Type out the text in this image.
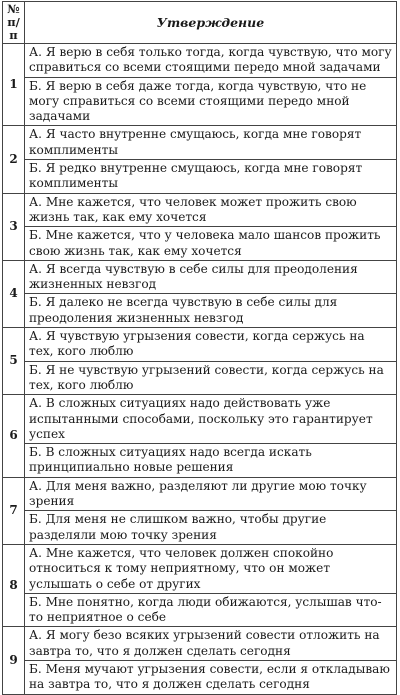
№
п/п	Утверждение
1	А. Я верю в себя только тогда, когда чувствую, что могу справиться со всеми стоящими передо мной задачами
	Б. Я верю в себя даже тогда, когда чувствую, что не могу справиться со всеми стоящими передо мной задачами
2	А. Я часто внутренне смущаюсь, когда мне говорят комплименты
	Б. Я редко внутренне смущаюсь, когда мне говорят комплименты
3	А. Мне кажется, что человек может прожить свою жизнь так, как ему хочется
	Б. Мне кажется, что у человека мало шансов прожить свою жизнь так, как ему хочется
4	А. Я всегда чувствую в себе силы для преодоления жизненных невзгод
	Б. Я далеко не всегда чувствую в себе силы для преодоления жизненных невзгод
5	А. Я чувствую угрызения совести, когда сержусь на тех, кого люблю
	Б. Я не чувствую угрызений совести, когда сержусь на тех, кого люблю
6	А. В сложных ситуациях надо действовать уже испытанными способами, поскольку это гарантирует успех
	Б. В сложных ситуациях надо всегда искать принципиально новые решения
7	А. Для меня важно, разделяют ли другие мою точку зрения
	Б. Для меня не слишком важно, чтобы другие разделяли мою точку зрения
8	А. Мне кажется, что человек должен спокойно относиться к тому неприятному, что он может услышать о себе от других
	Б. Мне понятно, когда люди обижаются, услышав что-то неприятное о себе
9	А. Я могу безо всяких угрызений совести отложить на завтра то, что я должен сделать сегодня
	Б. Меня мучают угрызения совести, если я откладываю на завтра то, что я должен сделать сегодня
